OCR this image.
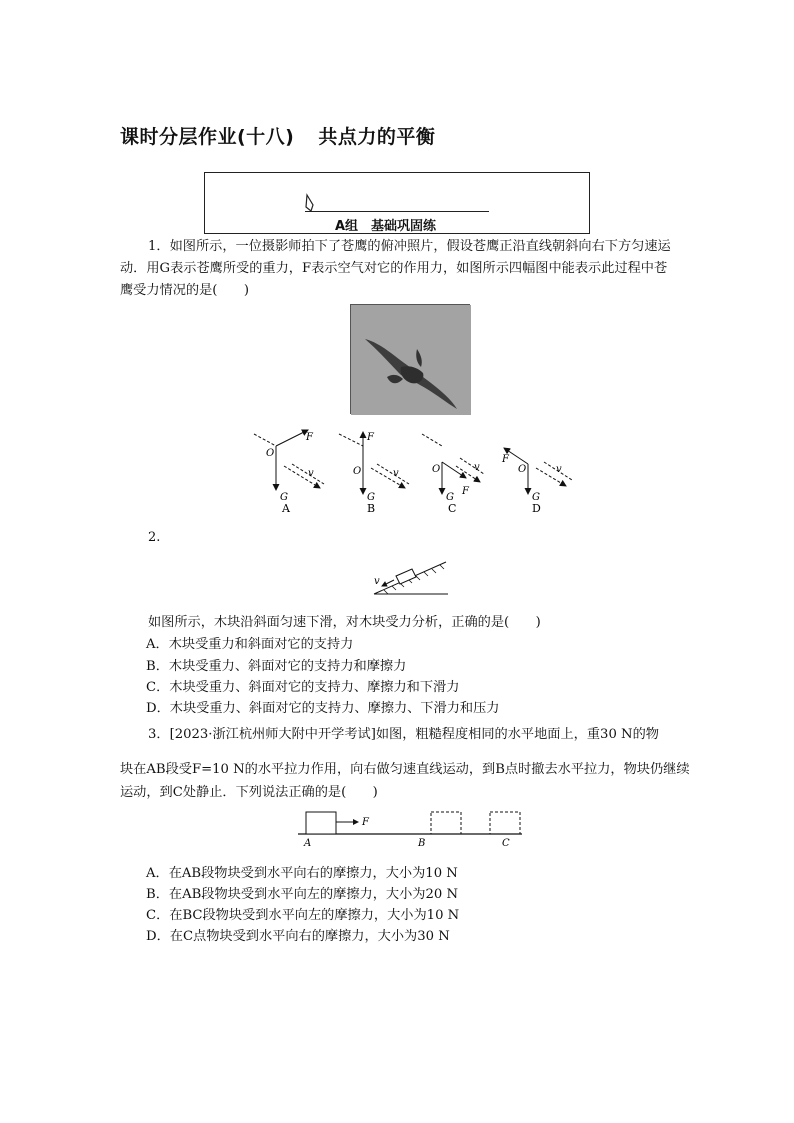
课时分层作业(十八) 共点力的平衡
A组　基础巩固练

1．如图所示，一位摄影师拍下了苍鹰的俯冲照片，假设苍鹰正沿直线朝斜向右下方匀速运动．用G表示苍鹰所受的重力，F表示空气对它的作用力，如图所示四幅图中能表示此过程中苍鹰受力情况的是(　　)

O
F
G
v
A
O
F
G
v
B
O
F
G
v
C
O
F
G
v
D
2.
v

如图所示，木块沿斜面匀速下滑，对木块受力分析，正确的是(　　)

A．木块受重力和斜面对它的支持力
B．木块受重力、斜面对它的支持力和摩擦力
C．木块受重力、斜面对它的支持力、摩擦力和下滑力
D．木块受重力、斜面对它的支持力、摩擦力、下滑力和压力

3．[2023·浙江杭州师大附中开学考试]如图，粗糙程度相同的水平地面上，重30 N的物

块在AB段受F=10 N的水平拉力作用，向右做匀速直线运动，到B点时撤去水平拉力，物块仍继续运动，到C处静止．下列说法正确的是(　　)

F
A	B	C
A．在AB段物块受到水平向右的摩擦力，大小为10 N
B．在AB段物块受到水平向左的摩擦力，大小为20 N
C．在BC段物块受到水平向左的摩擦力，大小为10 N
D．在C点物块受到水平向右的摩擦力，大小为30 N
